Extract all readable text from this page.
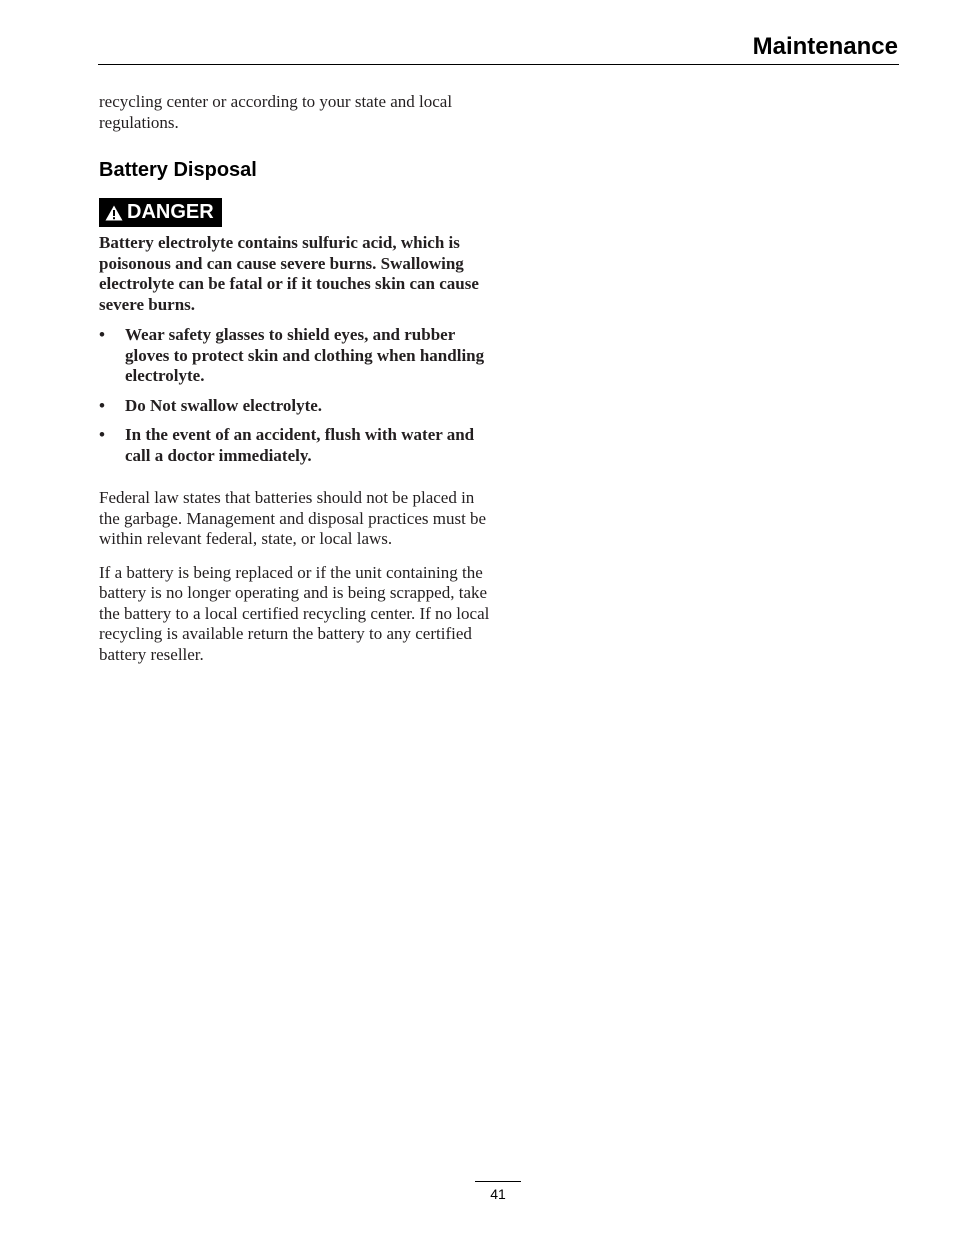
Maintenance

recycling center or according to your state and local regulations.

Battery Disposal
DANGER

Battery electrolyte contains sulfuric acid, which is poisonous and can cause severe burns. Swallowing electrolyte can be fatal or if it touches skin can cause severe burns.

• Wear safety glasses to shield eyes, and rubber gloves to protect skin and clothing when handling electrolyte.
• Do Not swallow electrolyte.
• In the event of an accident, flush with water and call a doctor immediately.

Federal law states that batteries should not be placed in the garbage. Management and disposal practices must be within relevant federal, state, or local laws.

If a battery is being replaced or if the unit containing the battery is no longer operating and is being scrapped, take the battery to a local certified recycling center. If no local recycling is available return the battery to any certified battery reseller.

41
